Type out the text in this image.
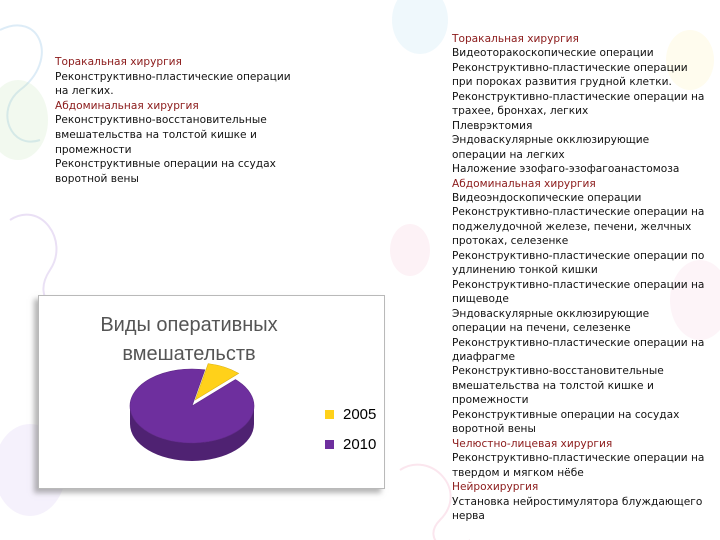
Торакальная хирургия
Реконструктивно-пластические операции
на легких.
Абдоминальная хирургия
Реконструктивно-восстановительные
вмешательства на толстой кишке и
промежности
Реконструктивные операции на ссудах
воротной вены
Торакальная хирургия
Видеоторакоскопические операции
Реконструктивно-пластические операции
при пороках развития грудной клетки.
Реконструктивно-пластические операции на
трахее, бронхах, легких
Плеврэктомия
Эндоваскулярные окклюзирующие
операции на легких
Наложение эзофаго-эзофагоанастомоза
Абдоминальная хирургия
Видеоэндоскопические операции
Реконструктивно-пластические операции на
поджелудочной железе, печени, желчных
протоках, селезенке
Реконструктивно-пластические операции по
удлинению тонкой кишки
Реконструктивно-пластические операции на
пищеводе
Эндоваскулярные окклюзирующие
операции на печени, селезенке
Реконструктивно-пластические операции на
диафрагме
Реконструктивно-восстановительные
вмешательства на толстой кишке и
промежности
Реконструктивные операции на сосудах
воротной вены
Челюстно-лицевая хирургия
Реконструктивно-пластические операции на
твердом и мягком нёбе
Нейрохирургия
Установка нейростимулятора блуждающего
нерва
Виды оперативных
вмешательств
2005
2010
